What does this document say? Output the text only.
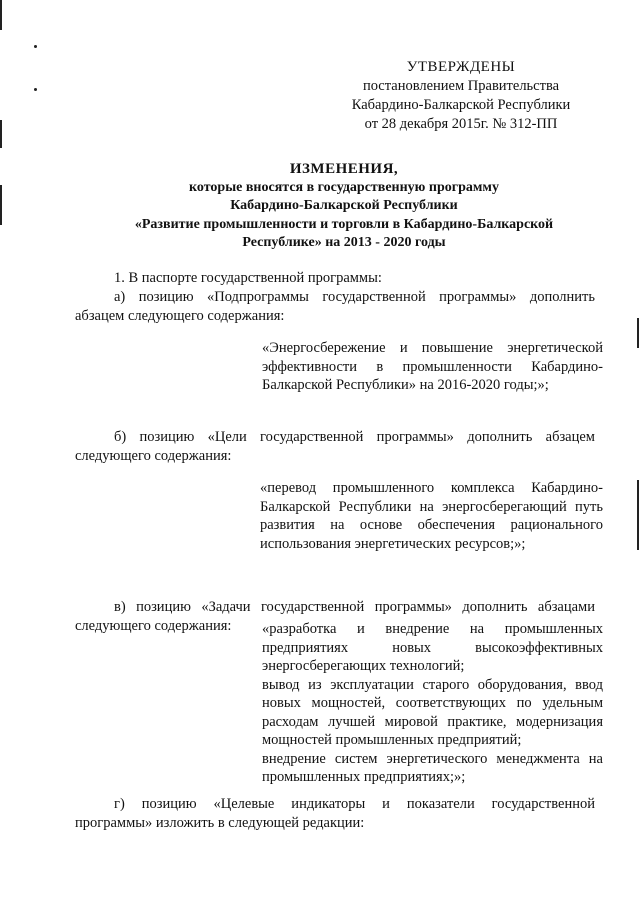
УТВЕРЖДЕНЫ
постановлением Правительства
Кабардино-Балкарской Республики
от 28 декабря 2015г. № 312-ПП
ИЗМЕНЕНИЯ,
которые вносятся в государственную программу
Кабардино-Балкарской Республики
«Развитие промышленности и торговли в Кабардино-Балкарской
Республике» на 2013 - 2020 годы
1. В паспорте государственной программы:
а) позицию «Подпрограммы государственной программы» дополнить абзацем следующего содержания:
«Энергосбережение и повышение энергетической эффективности в промышленности Кабардино-Балкарской Республики» на 2016-2020 годы;»;
б) позицию «Цели государственной программы» дополнить абзацем следующего содержания:
«перевод промышленного комплекса Кабардино-Балкарской Республики на энергосберегающий путь развития на основе обеспечения рационального использования энергетических ресурсов;»;
в) позицию «Задачи государственной программы» дополнить абзацами следующего содержания:	«разработка и внедрение на промышленных предприятиях новых высокоэффективных энергосберегающих технологий;
вывод из эксплуатации старого оборудования, ввод новых мощностей, соответствующих по удельным расходам лучшей мировой практике, модернизация мощностей промышленных предприятий;
внедрение систем энергетического менеджмента на промышленных предприятиях;»;
г) позицию «Целевые индикаторы и показатели государственной программы» изложить в следующей редакции:
